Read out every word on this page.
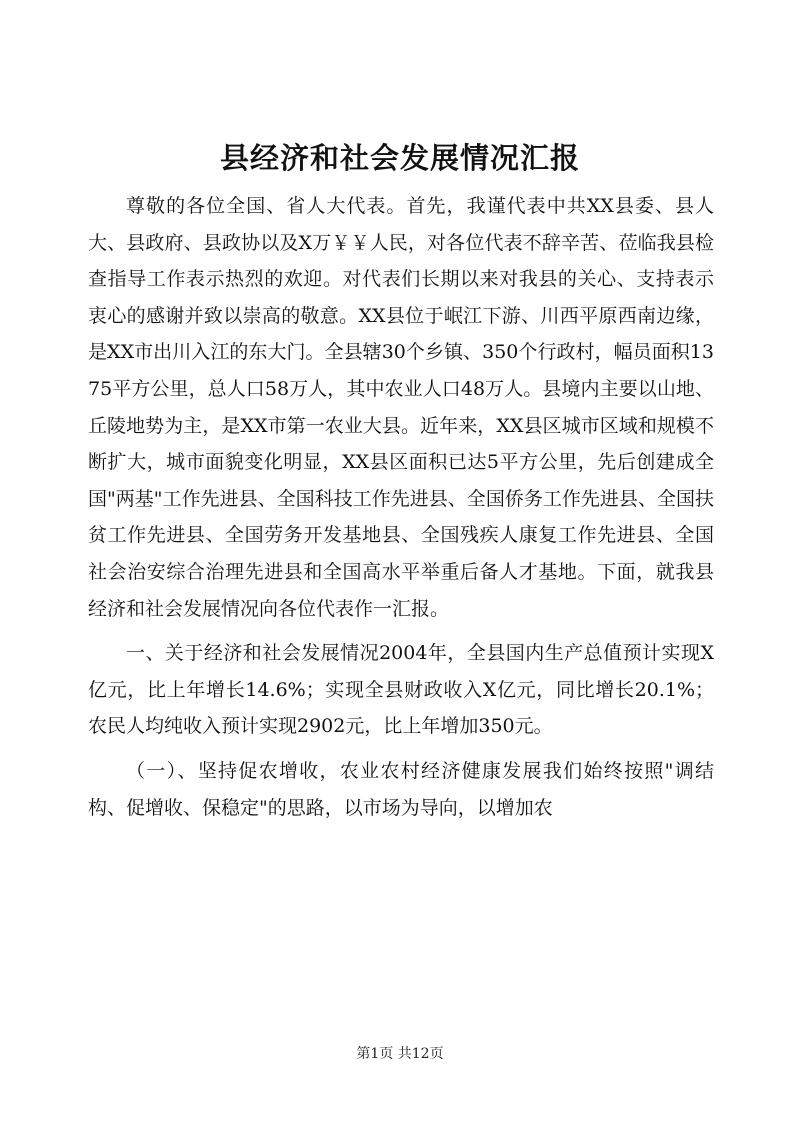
县经济和社会发展情况汇报

尊敬的各位全国、省人大代表。首先，我谨代表中共XX县委、县人大、县政府、县政协以及X万￥￥人民，对各位代表不辞辛苦、莅临我县检查指导工作表示热烈的欢迎。对代表们长期以来对我县的关心、支持表示衷心的感谢并致以崇高的敬意。XX县位于岷江下游、川西平原西南边缘，是XX市出川入江的东大门。全县辖30个乡镇、350个行政村，幅员面积1375平方公里，总人口58万人，其中农业人口48万人。县境内主要以山地、丘陵地势为主，是XX市第一农业大县。近年来，XX县区城市区域和规模不断扩大，城市面貌变化明显，XX县区面积已达5平方公里，先后创建成全国"两基"工作先进县、全国科技工作先进县、全国侨务工作先进县、全国扶贫工作先进县、全国劳务开发基地县、全国残疾人康复工作先进县、全国社会治安综合治理先进县和全国高水平举重后备人才基地。下面，就我县经济和社会发展情况向各位代表作一汇报。

一、关于经济和社会发展情况2004年，全县国内生产总值预计实现X亿元，比上年增长14.6%；实现全县财政收入X亿元，同比增长20.1%；农民人均纯收入预计实现2902元，比上年增加350元。

（一）、坚持促农增收，农业农村经济健康发展我们始终按照"调结构、促增收、保稳定"的思路，以市场为导向，以增加农

第1页 共12页
